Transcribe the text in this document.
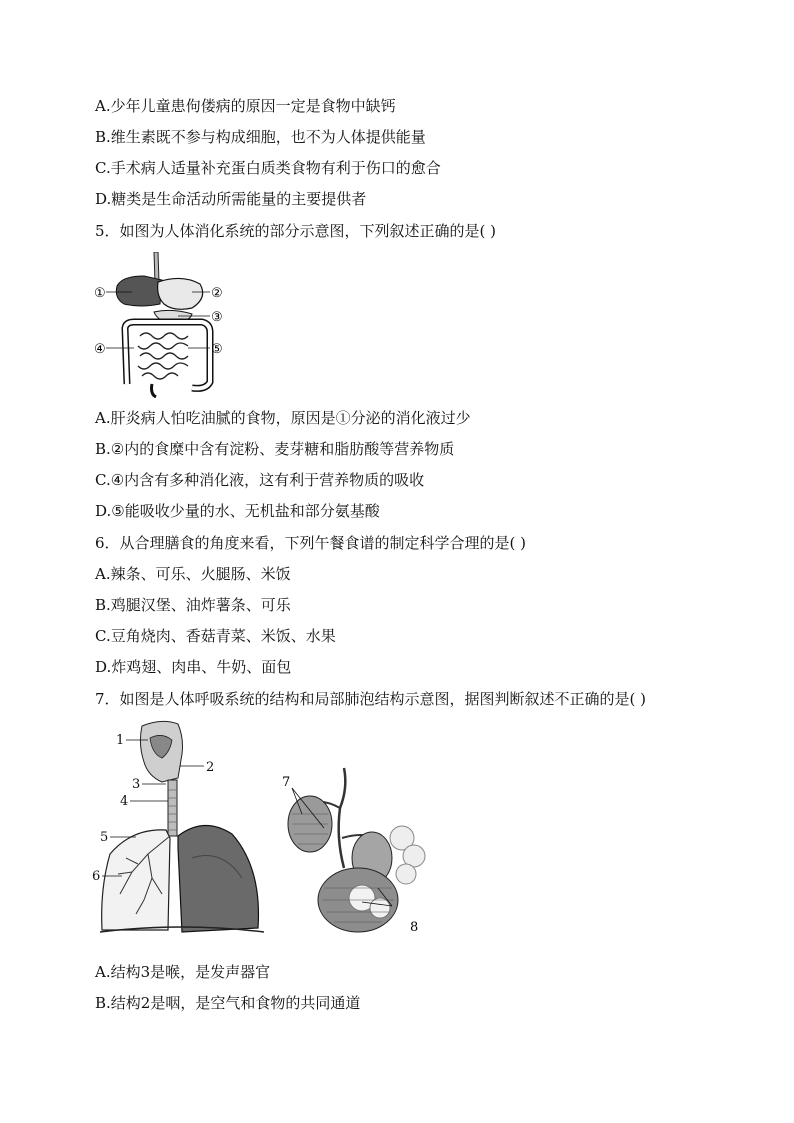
A.少年儿童患佝偻病的原因一定是食物中缺钙
B.维生素既不参与构成细胞，也不为人体提供能量
C.手术病人适量补充蛋白质类食物有利于伤口的愈合
D.糖类是生命活动所需能量的主要提供者
5．如图为人体消化系统的部分示意图，下列叙述正确的是( )
①	②
③
④	⑤
A.肝炎病人怕吃油腻的食物，原因是①分泌的消化液过少
B.②内的食糜中含有淀粉、麦芽糖和脂肪酸等营养物质
C.④内含有多种消化液，这有利于营养物质的吸收
D.⑤能吸收少量的水、无机盐和部分氨基酸
6．从合理膳食的角度来看，下列午餐食谱的制定科学合理的是( )
A.辣条、可乐、火腿肠、米饭
B.鸡腿汉堡、油炸薯条、可乐
C.豆角烧肉、香菇青菜、米饭、水果
D.炸鸡翅、肉串、牛奶、面包
7．如图是人体呼吸系统的结构和局部肺泡结构示意图，据图判断叙述不正确的是( )
1
2
3
4
5
6
7
8
A.结构3是喉，是发声器官
B.结构2是咽，是空气和食物的共同通道
